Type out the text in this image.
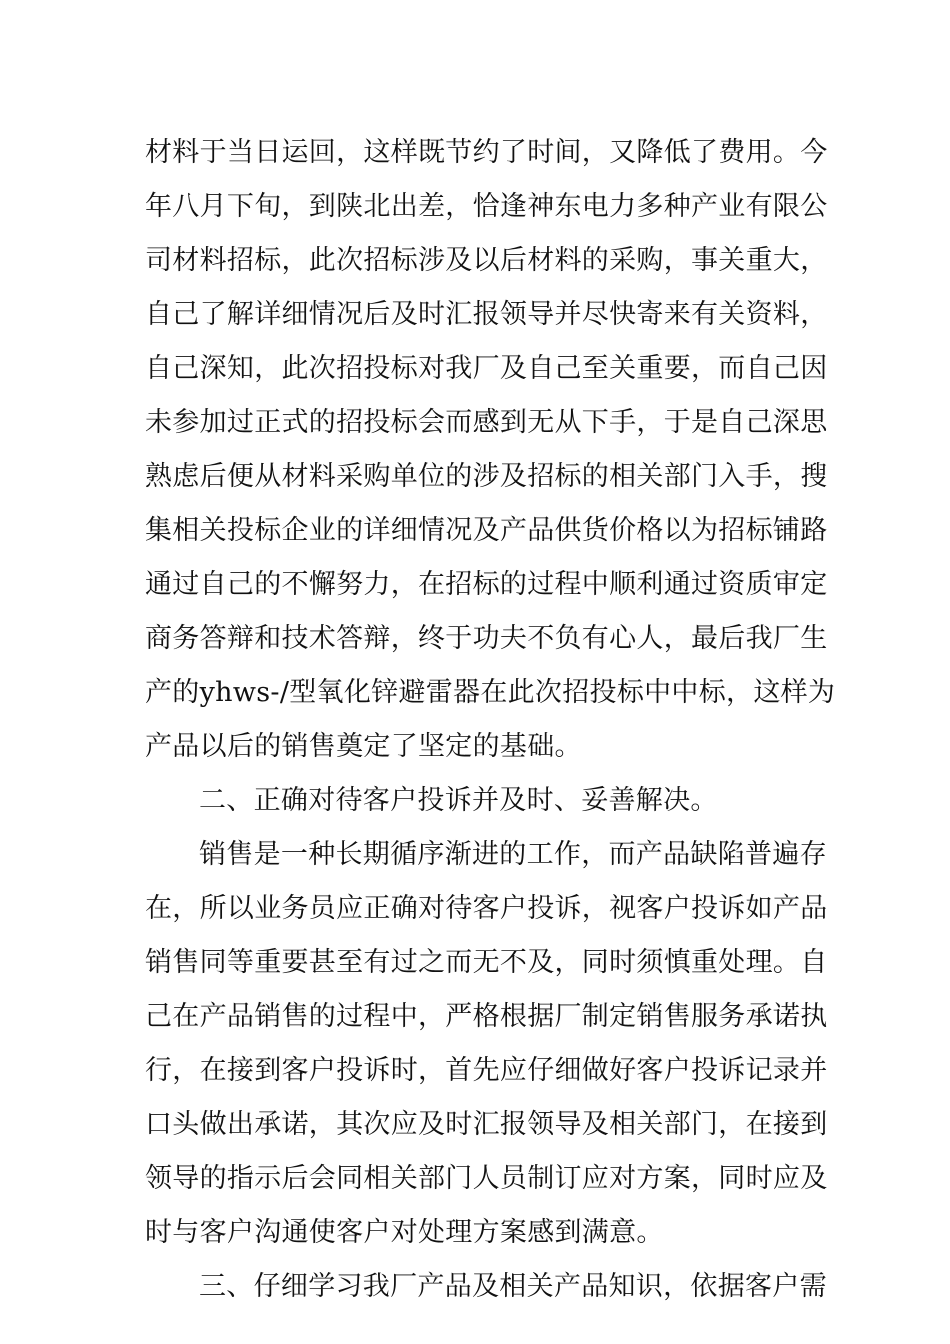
材料于当日运回，这样既节约了时间，又降低了费用。今
年八月下旬，到陕北出差，恰逢神东电力多种产业有限公
司材料招标，此次招标涉及以后材料的采购，事关重大，
自己了解详细情况后及时汇报领导并尽快寄来有关资料，
自己深知，此次招投标对我厂及自己至关重要，而自己因
未参加过正式的招投标会而感到无从下手，于是自己深思
熟虑后便从材料采购单位的涉及招标的相关部门入手，搜
集相关投标企业的详细情况及产品供货价格以为招标铺路
通过自己的不懈努力，在招标的过程中顺利通过资质审定
商务答辩和技术答辩，终于功夫不负有心人，最后我厂生
产的yhws-/型氧化锌避雷器在此次招投标中中标，这样为
产品以后的销售奠定了坚定的基础。
二、正确对待客户投诉并及时、妥善解决。
销售是一种长期循序渐进的工作，而产品缺陷普遍存
在，所以业务员应正确对待客户投诉，视客户投诉如产品
销售同等重要甚至有过之而无不及，同时须慎重处理。自
己在产品销售的过程中，严格根据厂制定销售服务承诺执
行，在接到客户投诉时，首先应仔细做好客户投诉记录并
口头做出承诺，其次应及时汇报领导及相关部门，在接到
领导的指示后会同相关部门人员制订应对方案，同时应及
时与客户沟通使客户对处理方案感到满意。
三、仔细学习我厂产品及相关产品知识，依据客户需
